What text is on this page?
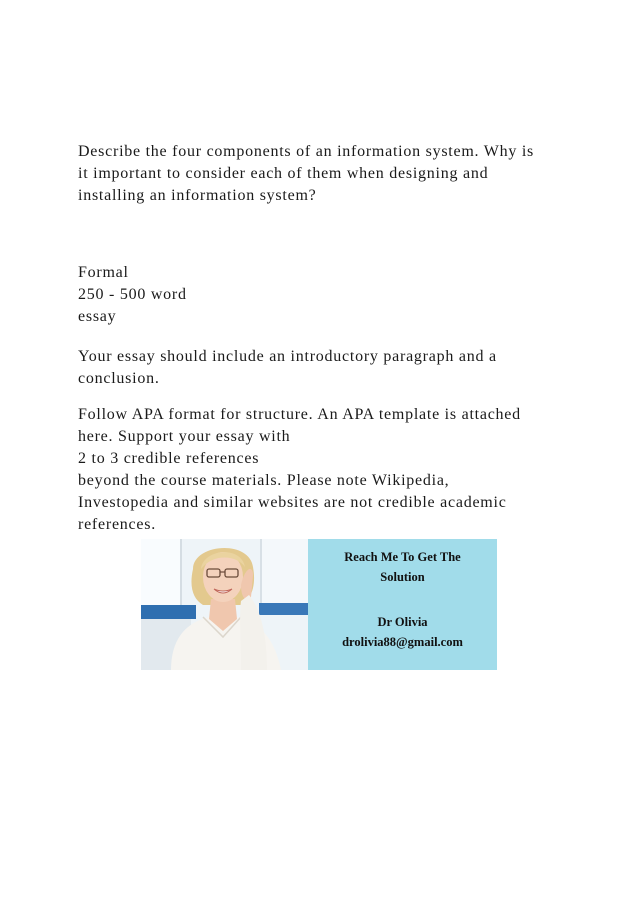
Describe the four components of an information system. Why is
it important to consider each of them when designing and
installing an information system?

Formal

250 - 500 word

essay

Your essay should include an introductory paragraph and a
conclusion.

Follow APA format for structure. An APA template is attached
here. Support your essay with
2 to 3 credible references
beyond the course materials. Please note Wikipedia,
Investopedia and similar websites are not credible academic
references.

Reach Me To Get The

Solution

Dr Olivia

drolivia88@gmail.com
